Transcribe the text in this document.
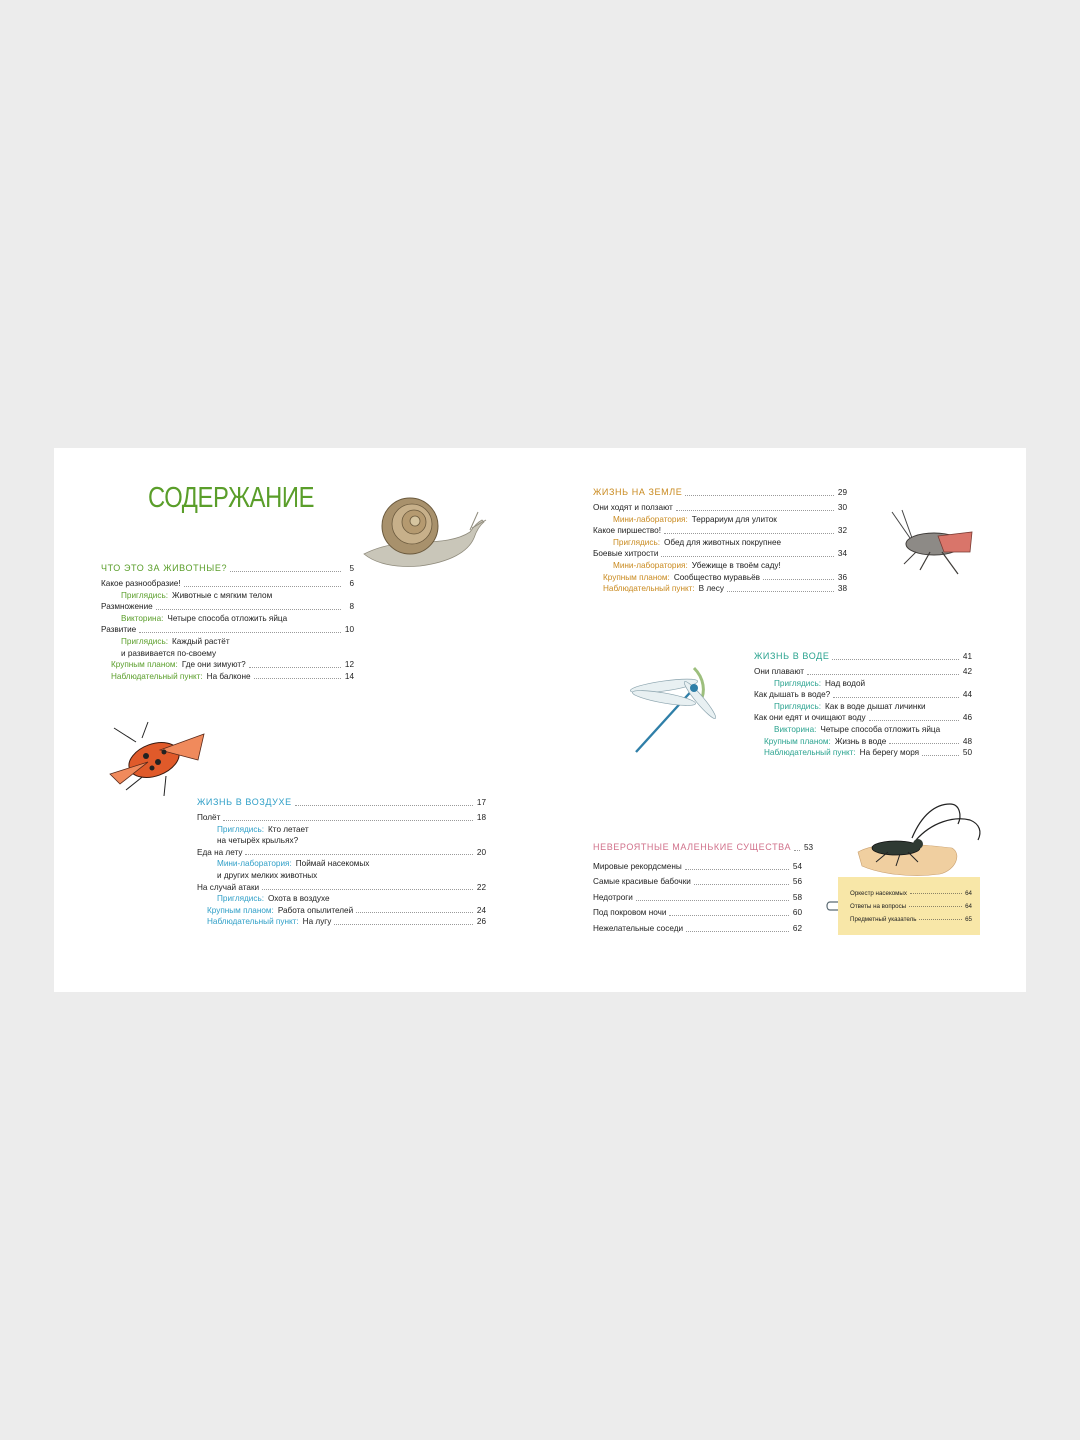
СОДЕРЖАНИЕ
ЧТО ЭТО ЗА ЖИВОТНЫЕ?	5
Какое разнообразие!	6
Приглядись: Животные с мягким телом
Размножение	8
Викторина: Четыре способа отложить яйца
Развитие	10
Приглядись: Каждый растёт
и развивается по-своему
Крупным планом: Где они зимуют?	12
Наблюдательный пункт: На балконе	14
ЖИЗНЬ В ВОЗДУХЕ	17
Полёт	18
Приглядись: Кто летает
на четырёх крыльях?
Еда на лету	20
Мини-лаборатория: Поймай насекомых
и других мелких животных
На случай атаки	22
Приглядись: Охота в воздухе
Крупным планом: Работа опылителей	24
Наблюдательный пункт: На лугу	26
ЖИЗНЬ НА ЗЕМЛЕ	29
Они ходят и ползают	30
Мини-лаборатория: Террариум для улиток
Какое пиршество!	32
Приглядись: Обед для животных покрупнее
Боевые хитрости	34
Мини-лаборатория: Убежище в твоём саду!
Крупным планом: Сообщество муравьёв	36
Наблюдательный пункт: В лесу	38
ЖИЗНЬ В ВОДЕ	41
Они плавают	42
Приглядись: Над водой
Как дышать в воде?	44
Приглядись: Как в воде дышат личинки
Как они едят и очищают воду	46
Викторина: Четыре способа отложить яйца
Крупным планом: Жизнь в воде	48
Наблюдательный пункт: На берегу моря	50
НЕВЕРОЯТНЫЕ МАЛЕНЬКИЕ СУЩЕСТВА 53
Мировые рекордсмены	54
Самые красивые бабочки	56
Недотроги	58
Под покровом ночи	60
Нежелательные соседи	62
Оркестр насекомых	64
Ответы на вопросы	64
Предметный указатель	65
